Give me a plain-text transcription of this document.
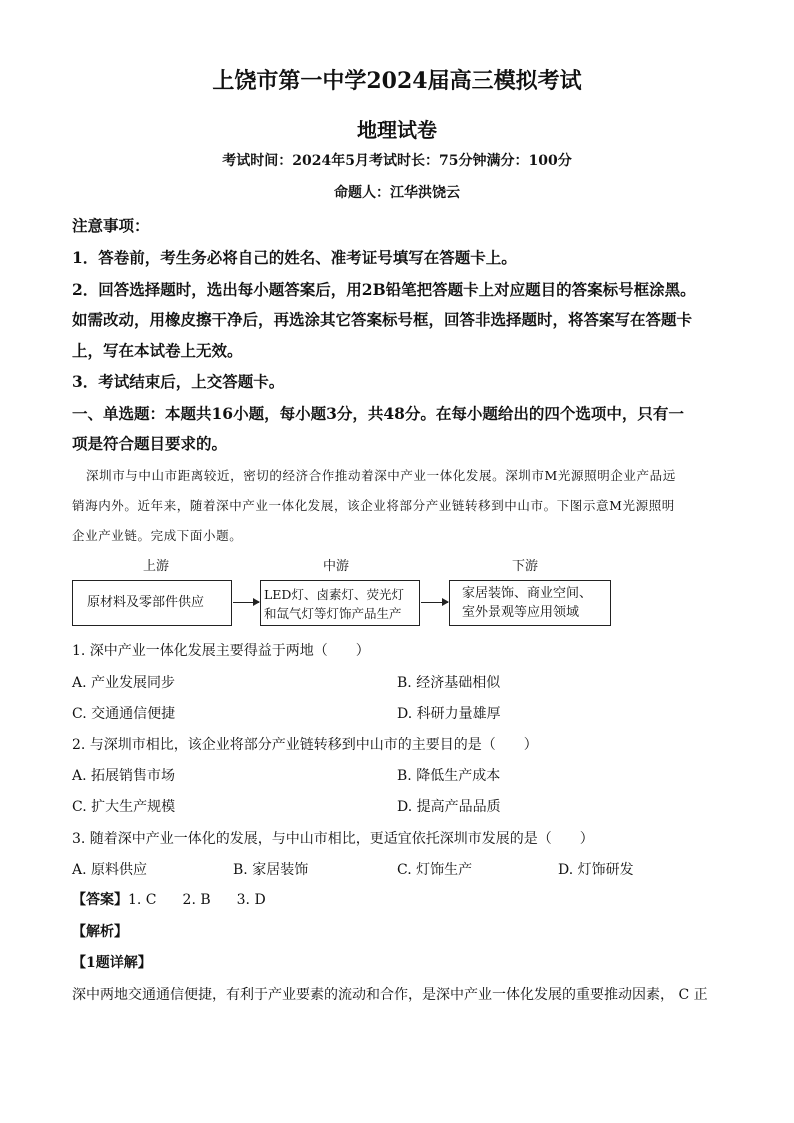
上饶市第一中学2024届高三模拟考试
地理试卷
考试时间：2024年5月考试时长：75分钟满分：100分
命题人：江华洪饶云
注意事项：
1．答卷前，考生务必将自己的姓名、准考证号填写在答题卡上。
2．回答选择题时，选出每小题答案后，用2B铅笔把答题卡上对应题目的答案标号框涂黑。
如需改动，用橡皮擦干净后，再选涂其它答案标号框，回答非选择题时，将答案写在答题卡
上，写在本试卷上无效。
3．考试结束后，上交答题卡。
一、单选题：本题共16小题，每小题3分，共48分。在每小题给出的四个选项中，只有一
项是符合题目要求的。
深圳市与中山市距离较近，密切的经济合作推动着深中产业一体化发展。深圳市M光源照明企业产品远
销海内外。近年来，随着深中产业一体化发展，该企业将部分产业链转移到中山市。下图示意M光源照明
企业产业链。完成下面小题。
上游	中游	下游
原材料及零部件供应
LED灯、卤素灯、荧光灯
和氙气灯等灯饰产品生产
家居装饰、商业空间、
室外景观等应用领域
1. 深中产业一体化发展主要得益于两地（　　）
A. 产业发展同步	B. 经济基础相似
C. 交通通信便捷	D. 科研力量雄厚
2. 与深圳市相比，该企业将部分产业链转移到中山市的主要目的是（　　）
A. 拓展销售市场	B. 降低生产成本
C. 扩大生产规模	D. 提高产品品质
3. 随着深中产业一体化的发展，与中山市相比，更适宜依托深圳市发展的是（　　）
A. 原料供应	B. 家居装饰	C. 灯饰生产	D. 灯饰研发
【答案】1. C 2. B 3. D
【解析】
【1题详解】
深中两地交通通信便捷，有利于产业要素的流动和合作，是深中产业一体化发展的重要推动因素， C 正
